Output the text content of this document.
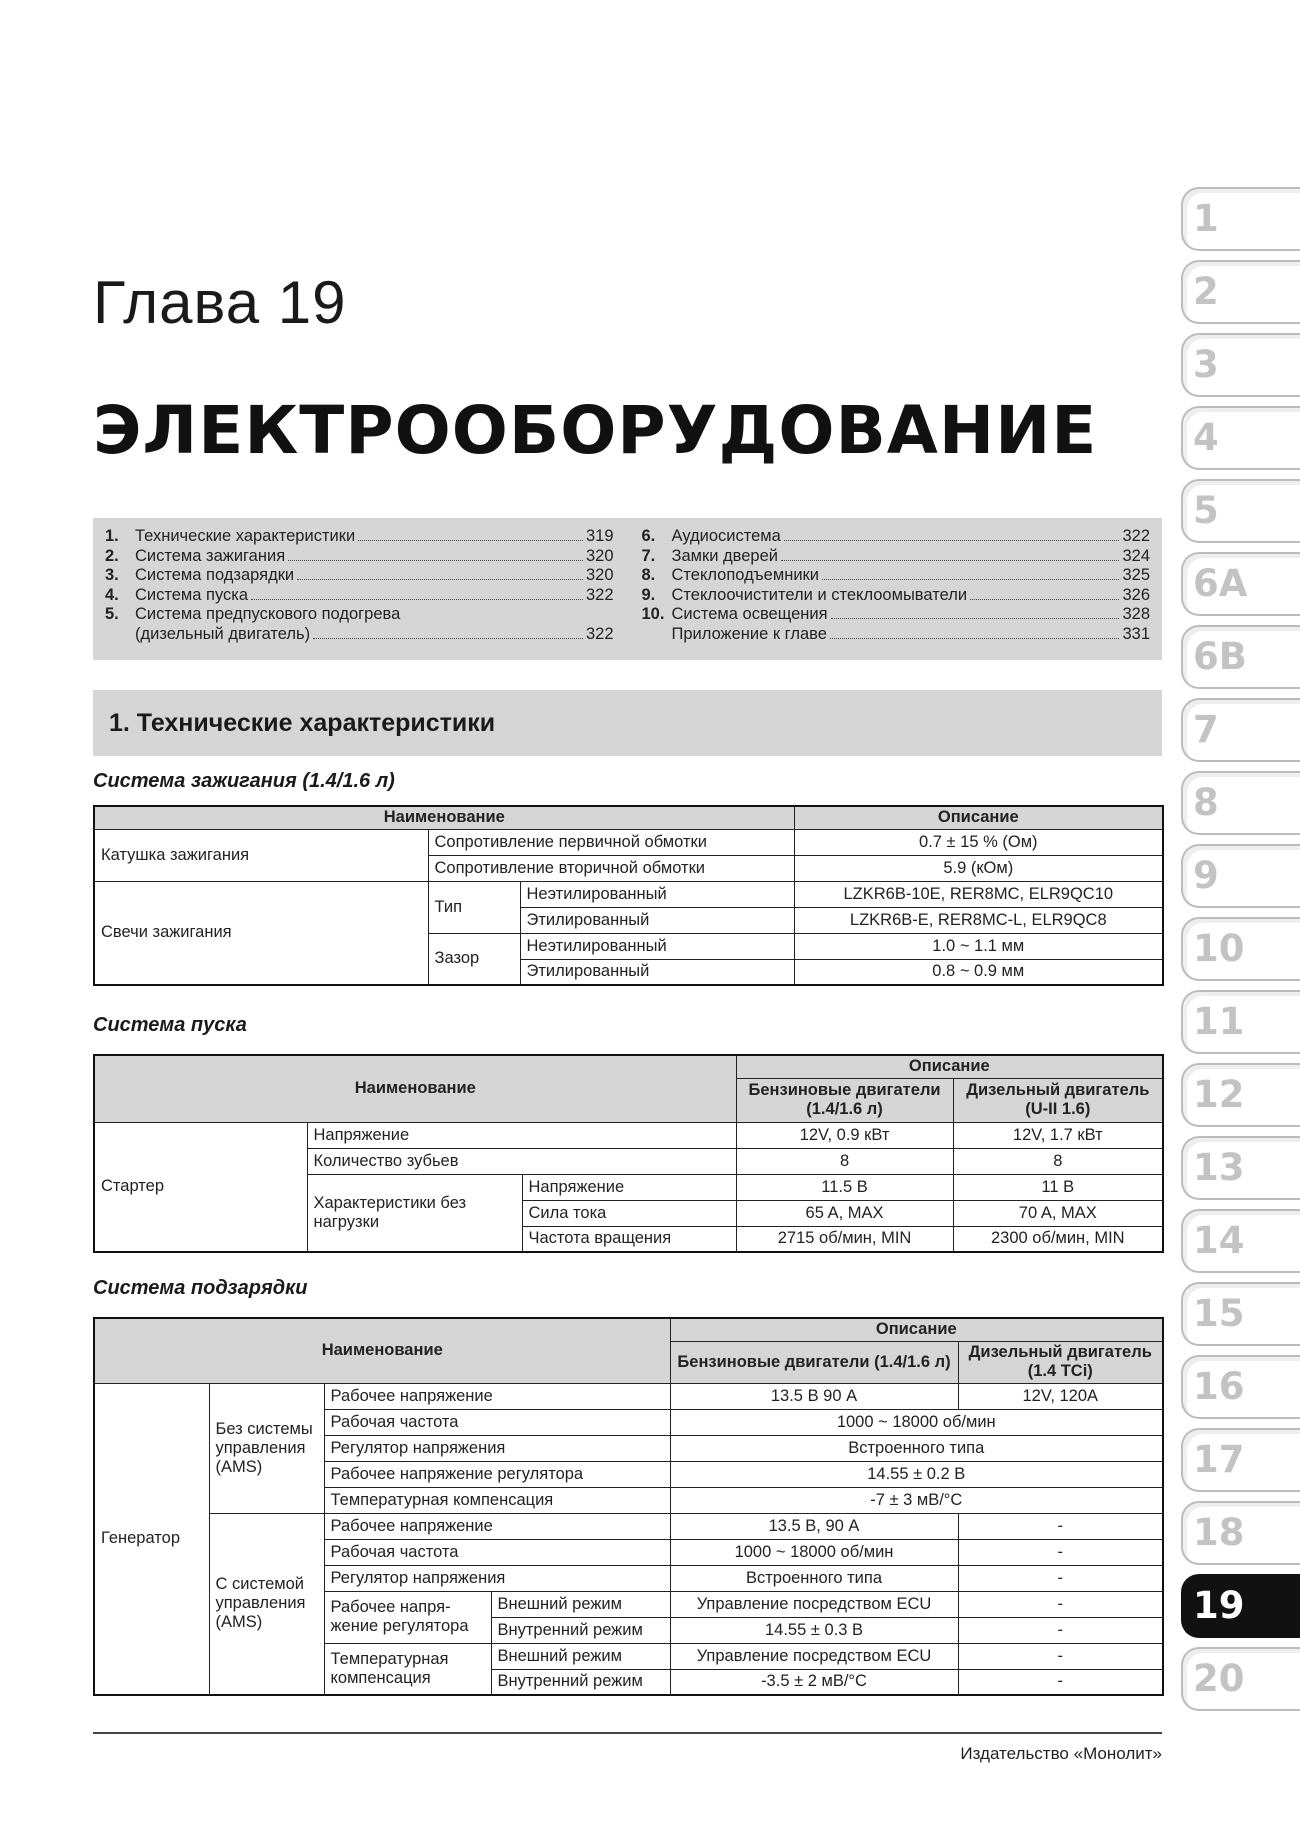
Глава 19
ЭЛЕКТРООБОРУДОВАНИЕ
1. Технические характеристики	319
2. Система зажигания	320
3. Система подзарядки	320
4. Система пуска	322
5. Система предпускового подогрева
(дизельный двигатель)	322
6. Аудиосистема	322
7. Замки дверей	324
8. Стеклоподъемники	325
9. Стеклоочистители и стеклоомыватели	326
10. Система освещения	328
Приложение к главе	331
1. Технические характеристики
Система зажигания (1.4/1.6 л)
Наименование			Описание
Катушка зажигания	Сопротивление первичной обмотки		0.7 ± 15 % (Ом)
	Сопротивление вторичной обмотки		5.9 (кОм)
Свечи зажигания	Тип	Неэтилированный	LZKR6B-10E, RER8MC, ELR9QC10
		Этилированный	LZKR6B-E, RER8MC-L, ELR9QC8
	Зазор	Неэтилированный	1.0 ~ 1.1 мм
		Этилированный	0.8 ~ 0.9 мм
Система пуска
Наименование			Описание	
			Бензиновые двигатели (1.4/1.6 л)	Дизельный двигатель (U-II 1.6)
Стартер	Напряжение		12V, 0.9 кВт	12V, 1.7 кВт
	Количество зубьев		8	8
	Характеристики без нагрузки	Напряжение	11.5 В	11 В
		Сила тока	65 A, MAX	70 A, MAX
		Частота вращения	2715 об/мин, MIN	2300 об/мин, MIN
Система подзарядки
Наименование				Описание	
				Бензиновые двигатели (1.4/1.6 л)	Дизельный двигатель (1.4 TCi)
Генератор	Без системы управления (AMS)	Рабочее напряжение		13.5 В 90 А	12V, 120A
		Рабочая частота		1000 ~ 18000 об/мин	
		Регулятор напряжения		Встроенного типа	
		Рабочее напряжение регулятора		14.55 ± 0.2 В	
		Температурная компенсация		-7 ± 3 мВ/°С	
	С системой управления (AMS)	Рабочее напряжение		13.5 В, 90 А	-
		Рабочая частота		1000 ~ 18000 об/мин	-
		Регулятор напряжения		Встроенного типа	-
		Рабочее напря-жение регулятора	Внешний режим	Управление посредством ECU	-
			Внутренний режим	14.55 ± 0.3 В	-
		Температурная компенсация	Внешний режим	Управление посредством ECU	-
			Внутренний режим	-3.5 ± 2 мВ/°С	-
1
2
3
4
5
6A
6B
7
8
9
10
11
12
13
14
15
16
17
18
19
20
Издательство «Монолит»
